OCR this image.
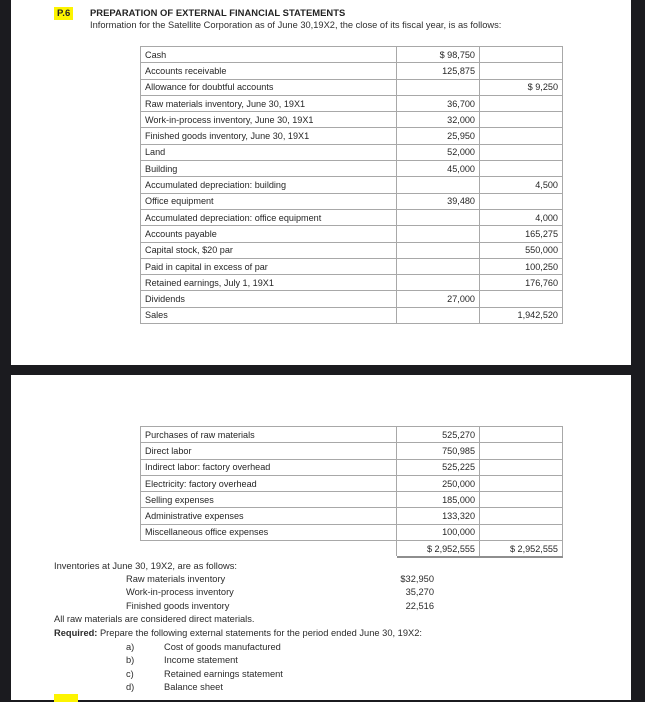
P.6	PREPARATION OF EXTERNAL FINANCIAL STATEMENTS
Information for the Satellite Corporation as of June 30,19X2, the close of its fiscal year, is as follows:
Cash	$ 98,750	
Accounts receivable	125,875	
Allowance for doubtful accounts		$ 9,250
Raw materials inventory, June 30, 19X1	36,700	
Work-in-process inventory, June 30, 19X1	32,000	
Finished goods inventory, June 30, 19X1	25,950	
Land	52,000	
Building	45,000	
Accumulated depreciation: building		4,500
Office equipment	39,480	
Accumulated depreciation: office equipment		4,000
Accounts payable		165,275
Capital stock, $20 par		550,000
Paid in capital in excess of par		100,250
Retained earnings, July 1, 19X1		176,760
Dividends	27,000	
Sales		1,942,520
Purchases of raw materials	525,270	
Direct labor	750,985	
Indirect labor: factory overhead	525,225	
Electricity: factory overhead	250,000	
Selling expenses	185,000	
Administrative expenses	133,320	
Miscellaneous office expenses	100,000	
	$ 2,952,555	$ 2,952,555
Inventories at June 30, 19X2, are as follows:
Raw materials inventory	$32,950
Work-in-process inventory	35,270
Finished goods inventory	22,516
All raw materials are considered direct materials.
Required: Prepare the following external statements for the period ended June 30, 19X2:
a)	Cost of goods manufactured
b)	Income statement
c)	Retained earnings statement
d)	Balance sheet
